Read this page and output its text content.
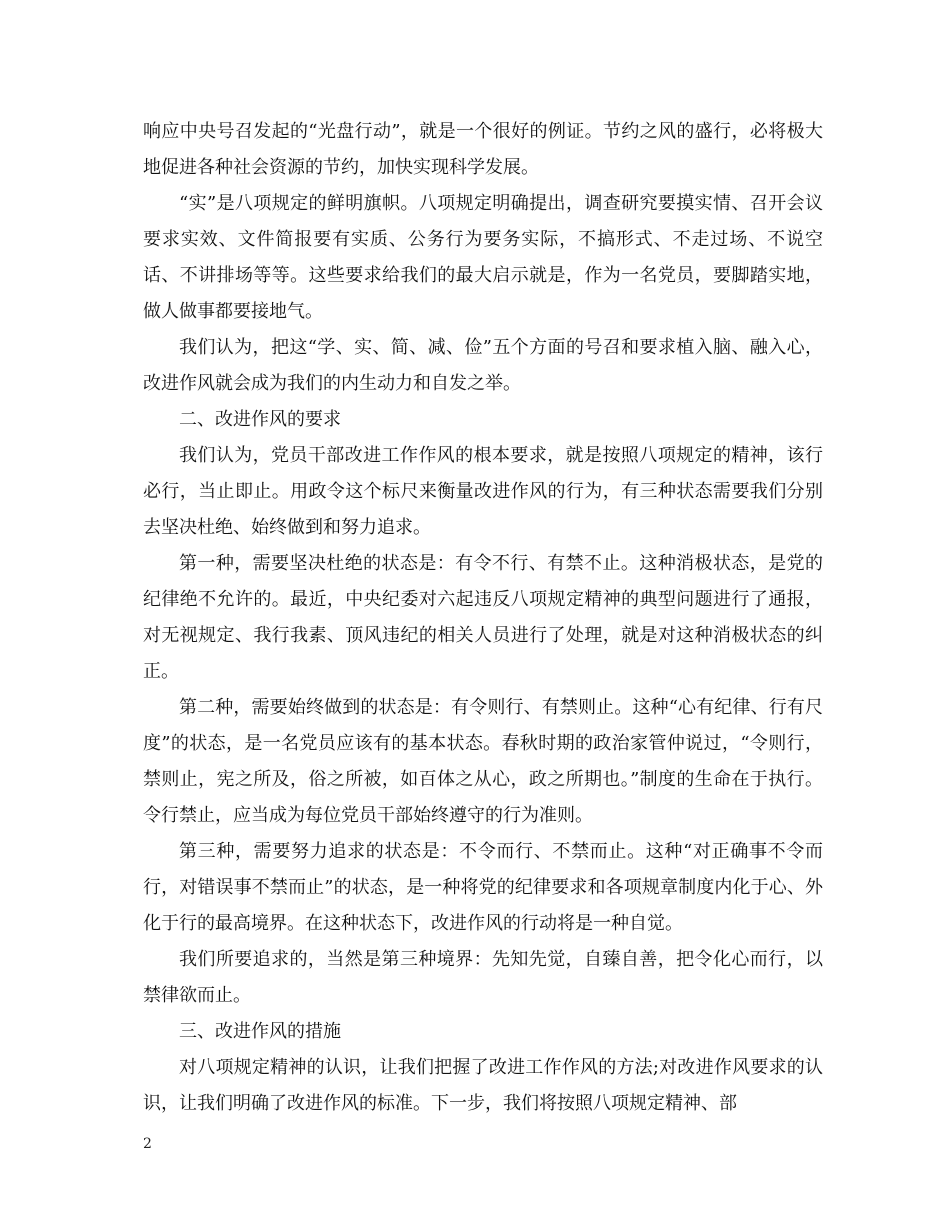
响应中央号召发起的“光盘行动”，就是一个很好的例证。节约之风的盛行，必将极大地促进各种社会资源的节约，加快实现科学发展。

“实”是八项规定的鲜明旗帜。八项规定明确提出，调查研究要摸实情、召开会议要求实效、文件简报要有实质、公务行为要务实际，不搞形式、不走过场、不说空话、不讲排场等等。这些要求给我们的最大启示就是，作为一名党员，要脚踏实地，做人做事都要接地气。

我们认为，把这“学、实、简、减、俭”五个方面的号召和要求植入脑、融入心，改进作风就会成为我们的内生动力和自发之举。

二、改进作风的要求

我们认为，党员干部改进工作作风的根本要求，就是按照八项规定的精神，该行必行，当止即止。用政令这个标尺来衡量改进作风的行为，有三种状态需要我们分别去坚决杜绝、始终做到和努力追求。

第一种，需要坚决杜绝的状态是：有令不行、有禁不止。这种消极状态，是党的纪律绝不允许的。最近，中央纪委对六起违反八项规定精神的典型问题进行了通报，对无视规定、我行我素、顶风违纪的相关人员进行了处理，就是对这种消极状态的纠正。

第二种，需要始终做到的状态是：有令则行、有禁则止。这种“心有纪律、行有尺度”的状态，是一名党员应该有的基本状态。春秋时期的政治家管仲说过，“令则行，禁则止，宪之所及，俗之所被，如百体之从心，政之所期也。”制度的生命在于执行。令行禁止，应当成为每位党员干部始终遵守的行为准则。

第三种，需要努力追求的状态是：不令而行、不禁而止。这种“对正确事不令而行，对错误事不禁而止”的状态，是一种将党的纪律要求和各项规章制度内化于心、外化于行的最高境界。在这种状态下，改进作风的行动将是一种自觉。

我们所要追求的，当然是第三种境界：先知先觉，自臻自善，把令化心而行，以禁律欲而止。

三、改进作风的措施

对八项规定精神的认识，让我们把握了改进工作作风的方法;对改进作风要求的认识，让我们明确了改进作风的标准。下一步，我们将按照八项规定精神、部

2
